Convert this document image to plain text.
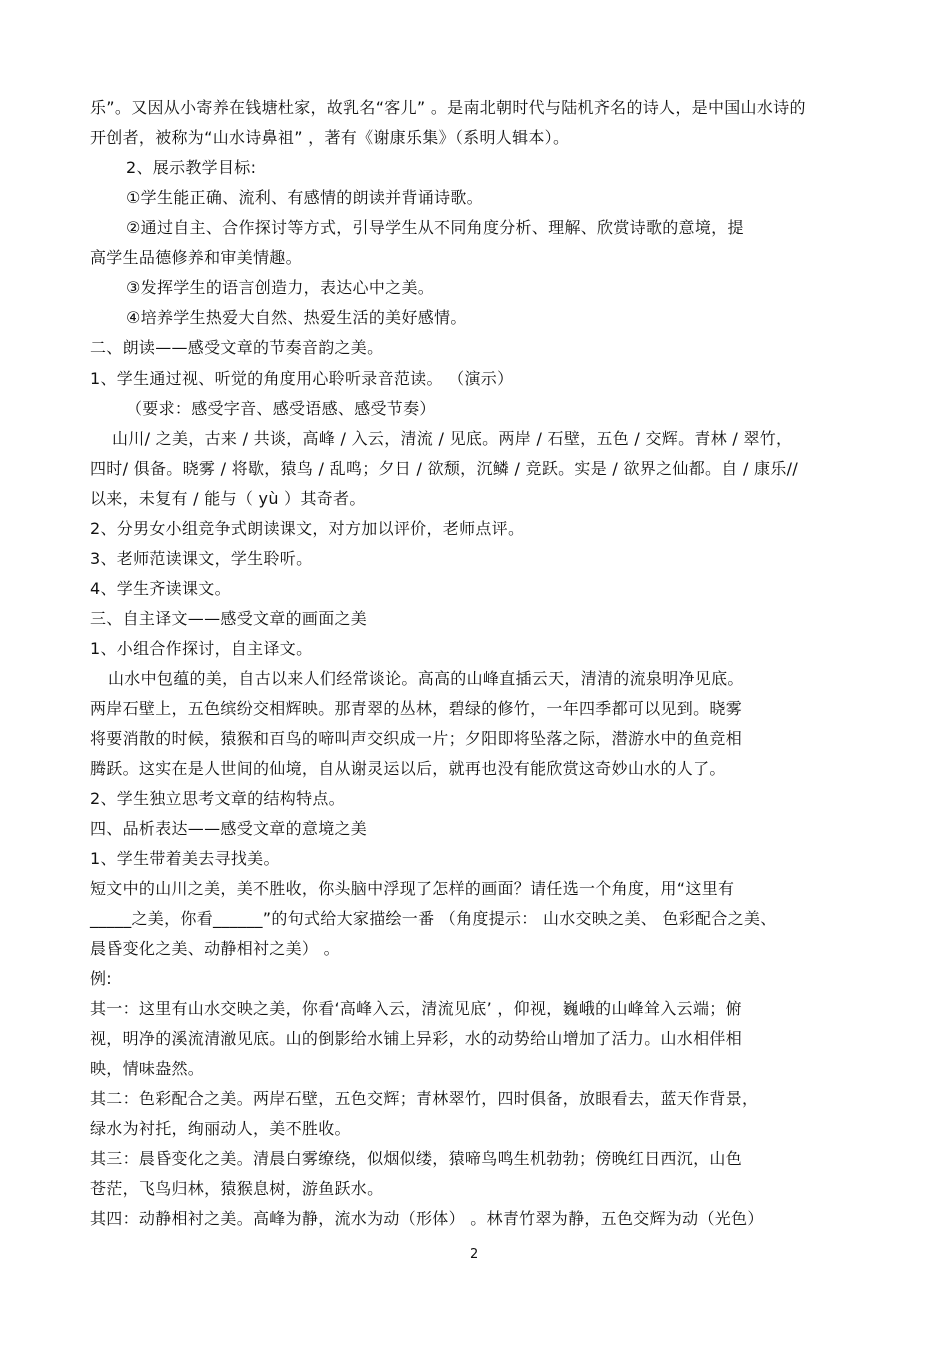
乐”。又因从小寄养在钱塘杜家，故乳名“客儿” 。是南北朝时代与陆机齐名的诗人，是中国山水诗的
开创者，被称为“山水诗鼻祖” ，著有《谢康乐集》（系明人辑本）。
2、展示教学目标:
①学生能正确、流利、有感情的朗读并背诵诗歌。
②通过自主、合作探讨等方式，引导学生从不同角度分析、理解、欣赏诗歌的意境，提
高学生品德修养和审美情趣。
③发挥学生的语言创造力，表达心中之美。
④培养学生热爱大自然、热爱生活的美好感情。
二、朗读——感受文章的节奏音韵之美。
1、学生通过视、听觉的角度用心聆听录音范读。 （演示）
（要求：感受字音、感受语感、感受节奏）
山川/ 之美，古来 / 共谈，高峰 / 入云，清流 / 见底。两岸 / 石壁，五色 / 交辉。青林 / 翠竹，
四时/ 俱备。晓雾 / 将歇，猿鸟 / 乱鸣；夕日 / 欲颓，沉鳞 / 竞跃。实是 / 欲界之仙都。自 / 康乐//
以来，未复有 / 能与（ yù ）其奇者。
2、分男女小组竞争式朗读课文，对方加以评价，老师点评。
3、老师范读课文，学生聆听。
4、学生齐读课文。
三、自主译文——感受文章的画面之美
1、小组合作探讨，自主译文。
山水中包蕴的美，自古以来人们经常谈论。高高的山峰直插云天，清清的流泉明净见底。
两岸石壁上，五色缤纷交相辉映。那青翠的丛林，碧绿的修竹，一年四季都可以见到。晓雾
将要消散的时候，猿猴和百鸟的啼叫声交织成一片；夕阳即将坠落之际，潜游水中的鱼竞相
腾跃。这实在是人世间的仙境，自从谢灵运以后，就再也没有能欣赏这奇妙山水的人了。
2、学生独立思考文章的结构特点。
四、品析表达——感受文章的意境之美
1、学生带着美去寻找美。
短文中的山川之美，美不胜收，你头脑中浮现了怎样的画面？请任选一个角度，用“这里有
_____之美，你看______”的句式给大家描绘一番 （角度提示： 山水交映之美、 色彩配合之美、
晨昏变化之美、动静相衬之美） 。
例:
其一：这里有山水交映之美，你看‘高峰入云，清流见底’ ，仰视，巍峨的山峰耸入云端；俯
视，明净的溪流清澈见底。山的倒影给水铺上异彩，水的动势给山增加了活力。山水相伴相
映，情味盎然。
其二：色彩配合之美。两岸石壁，五色交辉；青林翠竹，四时俱备，放眼看去，蓝天作背景，
绿水为衬托，绚丽动人，美不胜收。
其三：晨昏变化之美。清晨白雾缭绕，似烟似缕，猿啼鸟鸣生机勃勃；傍晚红日西沉，山色
苍茫，飞鸟归林，猿猴息树，游鱼跃水。
其四：动静相衬之美。高峰为静，流水为动（形体） 。林青竹翠为静，五色交辉为动（光色）
2
